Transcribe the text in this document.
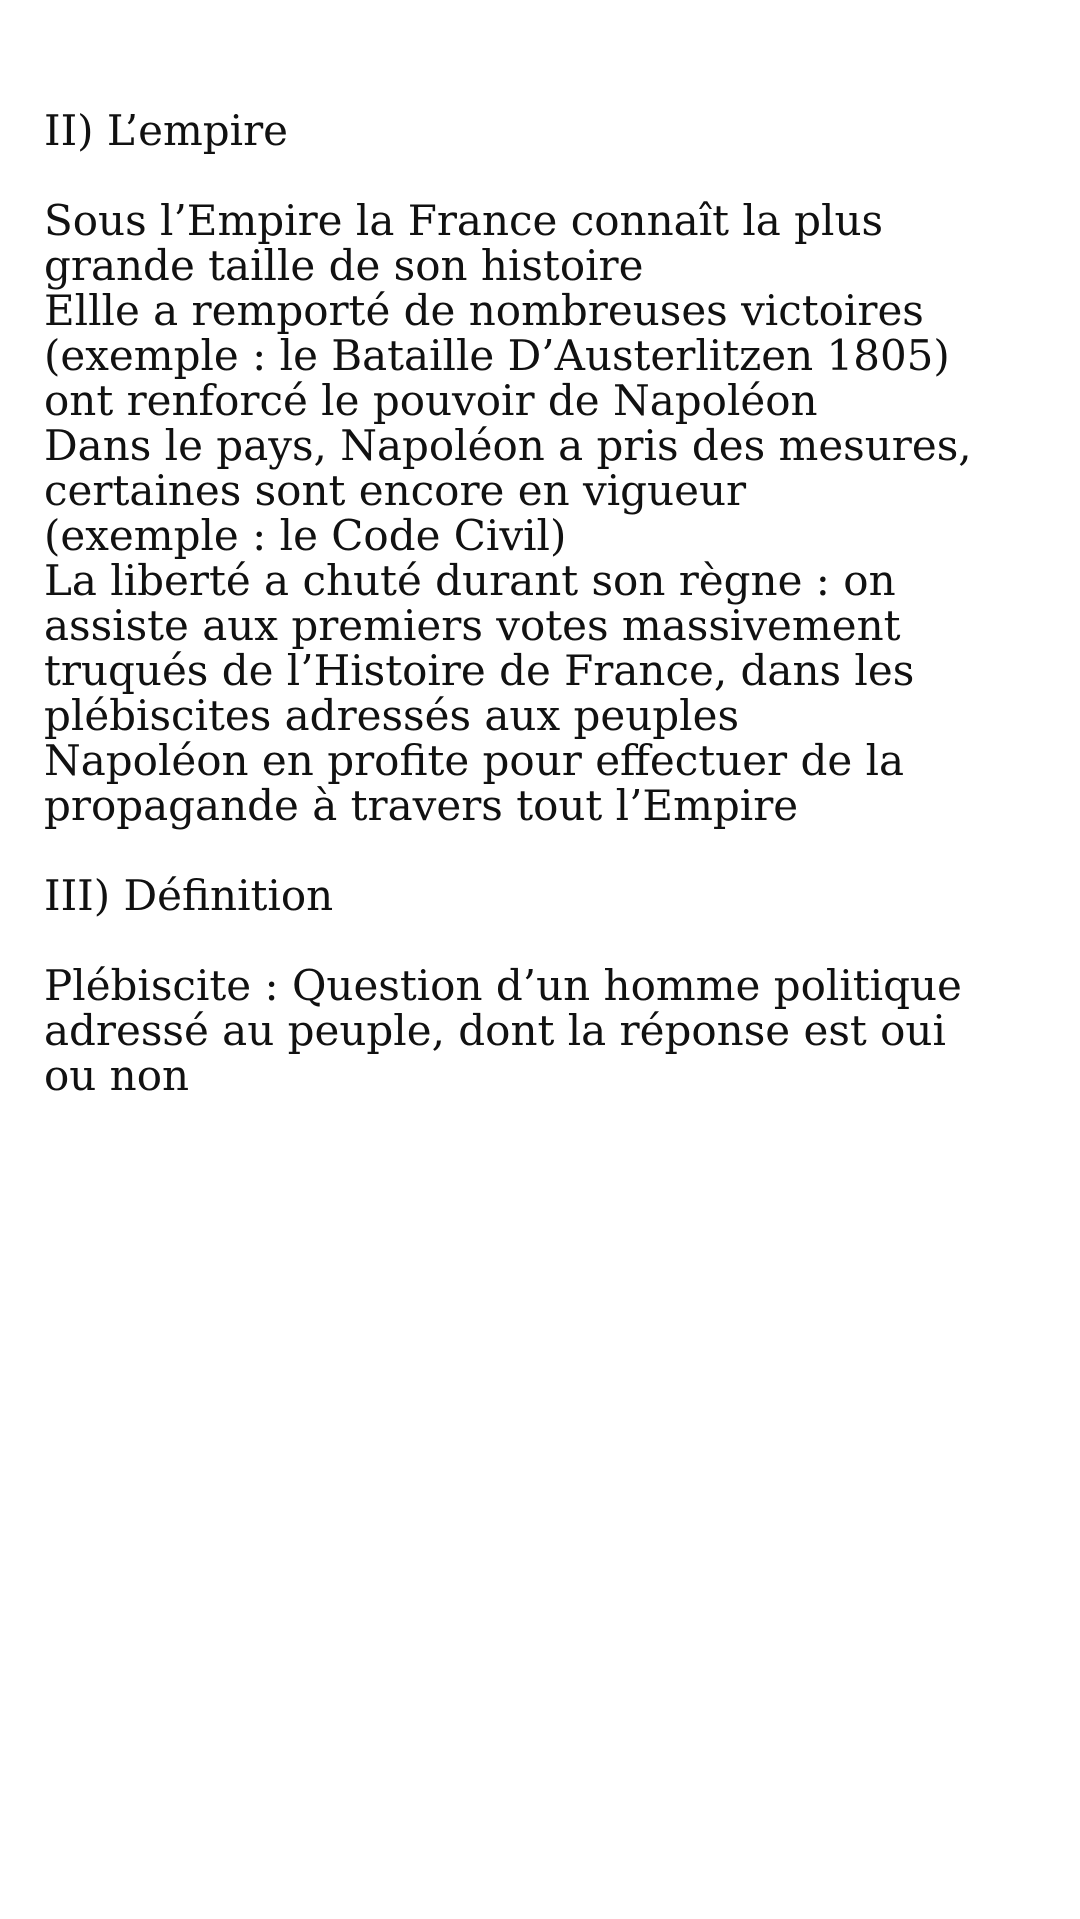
II) L’empire
Sous l’Empire la France connaît la plus
grande taille de son histoire
Ellle a remporté de nombreuses victoires
(exemple : le Bataille D’Austerlitzen 1805)
ont renforcé le pouvoir de Napoléon
Dans le pays, Napoléon a pris des mesures,
certaines sont encore en vigueur
(exemple : le Code Civil)
La liberté a chuté durant son règne : on
assiste aux premiers votes massivement
truqués de l’Histoire de France, dans les
plébiscites adressés aux peuples
Napoléon en profite pour effectuer de la
propagande à travers tout l’Empire
III) Définition
Plébiscite : Question d’un homme politique
adressé au peuple, dont la réponse est oui
ou non
